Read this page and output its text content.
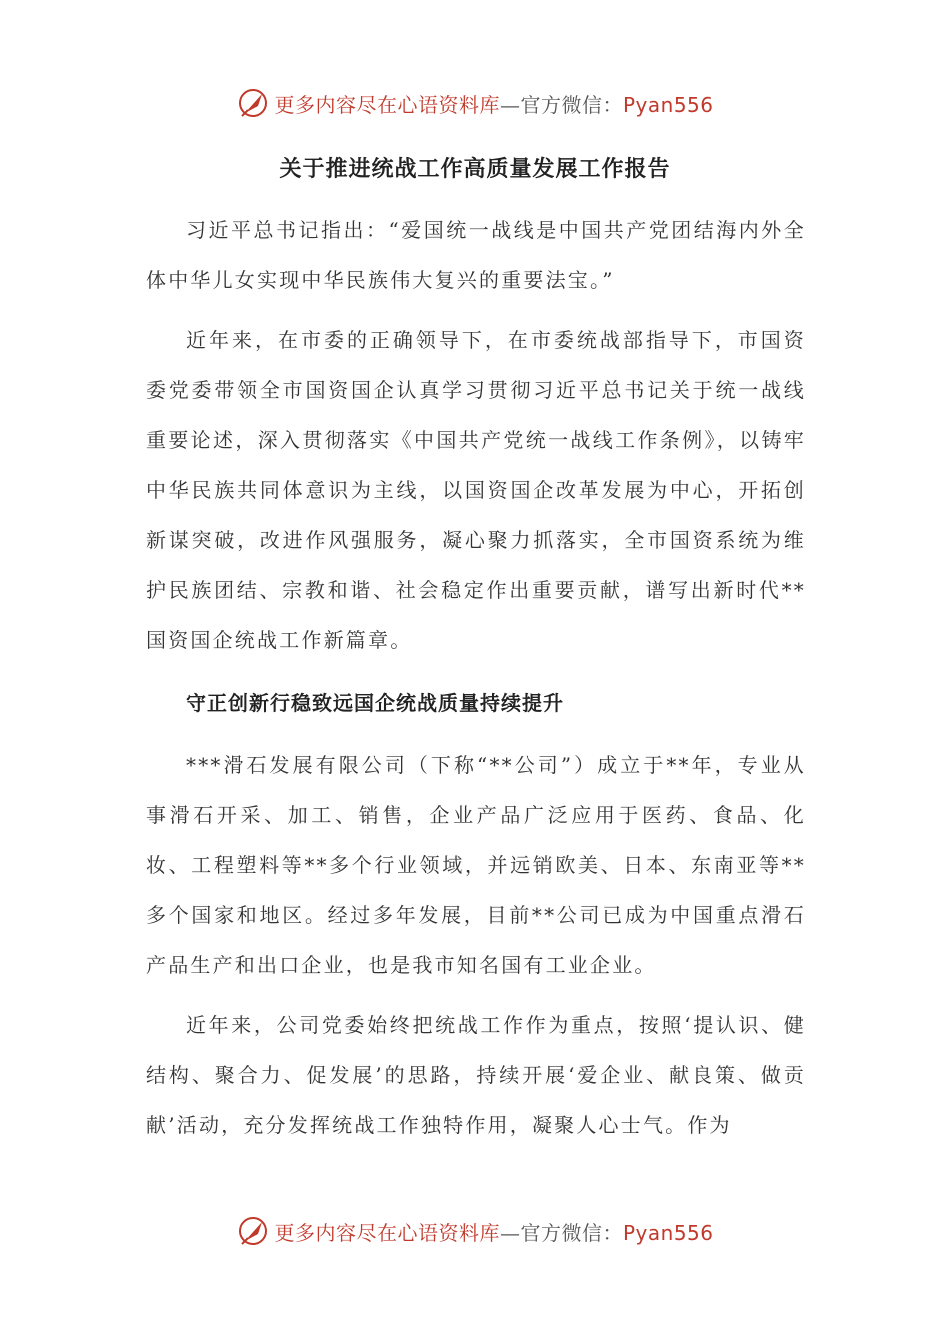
更多内容尽在心语资料库—官方微信：Pyan556
关于推进统战工作高质量发展工作报告

习近平总书记指出：“爱国统一战线是中国共产党团结海内外全体中华儿女实现中华民族伟大复兴的重要法宝。”

近年来，在市委的正确领导下，在市委统战部指导下，市国资委党委带领全市国资国企认真学习贯彻习近平总书记关于统一战线重要论述，深入贯彻落实《中国共产党统一战线工作条例》，以铸牢中华民族共同体意识为主线，以国资国企改革发展为中心，开拓创新谋突破，改进作风强服务，凝心聚力抓落实，全市国资系统为维护民族团结、宗教和谐、社会稳定作出重要贡献，谱写出新时代**国资国企统战工作新篇章。

守正创新行稳致远国企统战质量持续提升

***滑石发展有限公司（下称“**公司”）成立于**年，专业从事滑石开采、加工、销售，企业产品广泛应用于医药、食品、化妆、工程塑料等**多个行业领域，并远销欧美、日本、东南亚等**多个国家和地区。经过多年发展，目前**公司已成为中国重点滑石产品生产和出口企业，也是我市知名国有工业企业。

近年来，公司党委始终把统战工作作为重点，按照‘提认识、健结构、聚合力、促发展’的思路，持续开展‘爱企业、献良策、做贡献’活动，充分发挥统战工作独特作用，凝聚人心士气。作为

更多内容尽在心语资料库—官方微信：Pyan556
